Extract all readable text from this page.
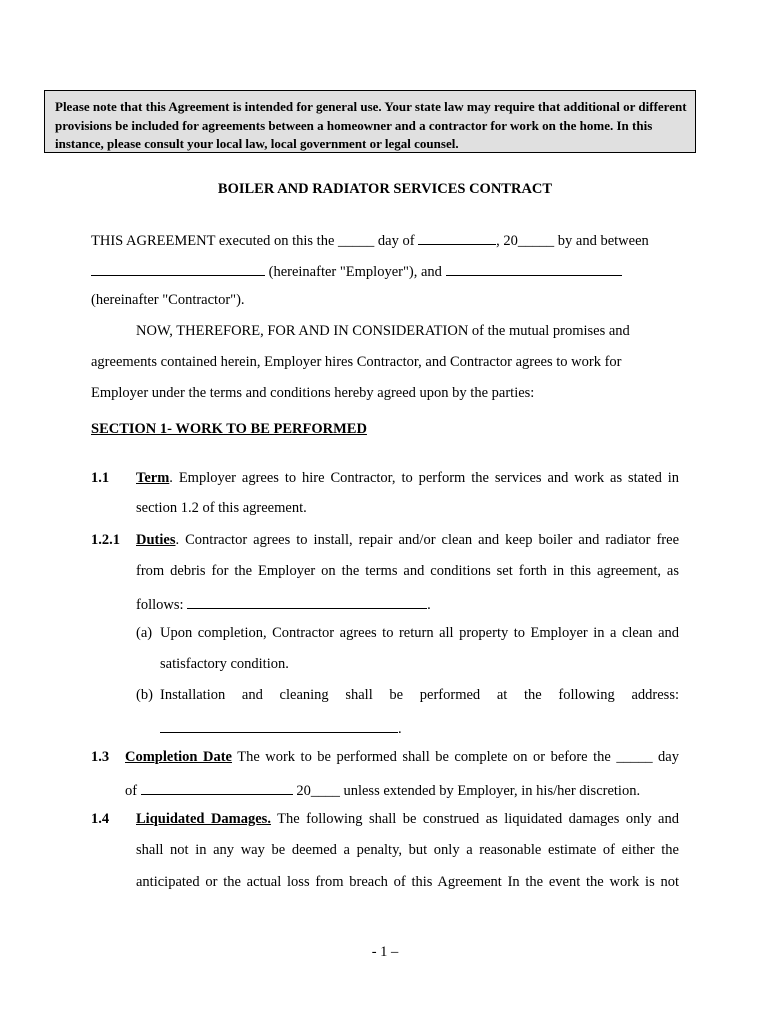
Please note that this Agreement is intended for general use. Your state law may require that additional or different provisions be included for agreements between a homeowner and a contractor for work on the home. In this instance, please consult your local law, local government or legal counsel.
BOILER AND RADIATOR SERVICES CONTRACT
THIS AGREEMENT executed on this the _____ day of	, 20_____ by and between
(hereinafter "Employer"), and
(hereinafter "Contractor").
NOW, THEREFORE, FOR AND IN CONSIDERATION of the mutual promises and
agreements contained herein, Employer hires Contractor, and Contractor agrees to work for
Employer under the terms and conditions hereby agreed upon by the parties:
SECTION 1- WORK TO BE PERFORMED
1.1 Term. Employer agrees to hire Contractor, to perform the services and work as stated in
section 1.2 of this agreement.
1.2.1 Duties. Contractor agrees to install, repair and/or clean and keep boiler and radiator free
from debris for the Employer on the terms and conditions set forth in this agreement, as
follows:	.
(a) Upon completion, Contractor agrees to return all property to Employer in a clean and
satisfactory condition.
(b) Installation and cleaning shall be performed at the following address:
.
1.3 Completion Date The work to be performed shall be complete on or before the _____ day
of	20____ unless extended by Employer, in his/her discretion.
1.4 Liquidated Damages. The following shall be construed as liquidated damages only and
shall not in any way be deemed a penalty, but only a reasonable estimate of either the
anticipated or the actual loss from breach of this Agreement In the event the work is not
- 1 –
